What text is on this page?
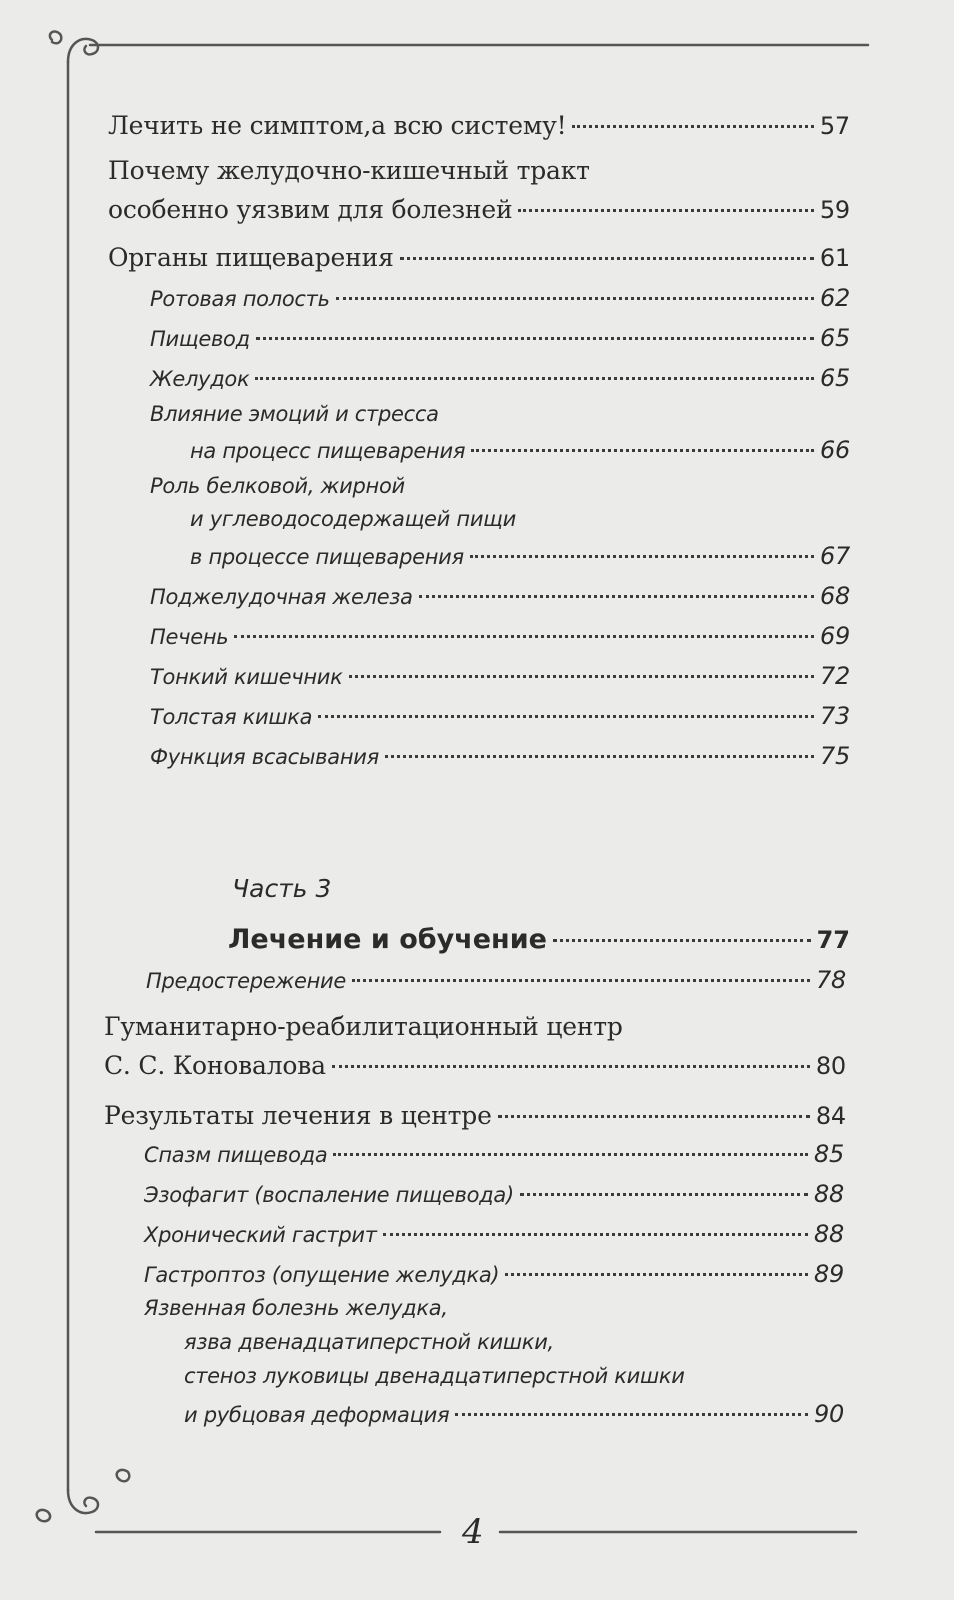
Лечить не симптом,а всю систему!	57
Почему желудочно-кишечный тракт
особенно уязвим для болезней	59
Органы пищеварения	61
Ротовая полость	62
Пищевод	65
Желудок	65
Влияние эмоций и стресса
на процесс пищеварения	66
Роль белковой, жирной
и углеводосодержащей пищи
в процессе пищеварения	67
Поджелудочная железа	68
Печень	69
Тонкий кишечник	72
Толстая кишка	73
Функция всасывания	75
Часть 3
Лечение и обучение	77
Предостережение	78
Гуманитарно-реабилитационный центр
С. С. Коновалова	80
Результаты лечения в центре	84
Спазм пищевода	85
Эзофагит (воспаление пищевода)	88
Хронический гастрит	88
Гастроптоз (опущение желудка)	89
Язвенная болезнь желудка,
язва двенадцатиперстной кишки,
стеноз луковицы двенадцатиперстной кишки
и рубцовая деформация	90
4
